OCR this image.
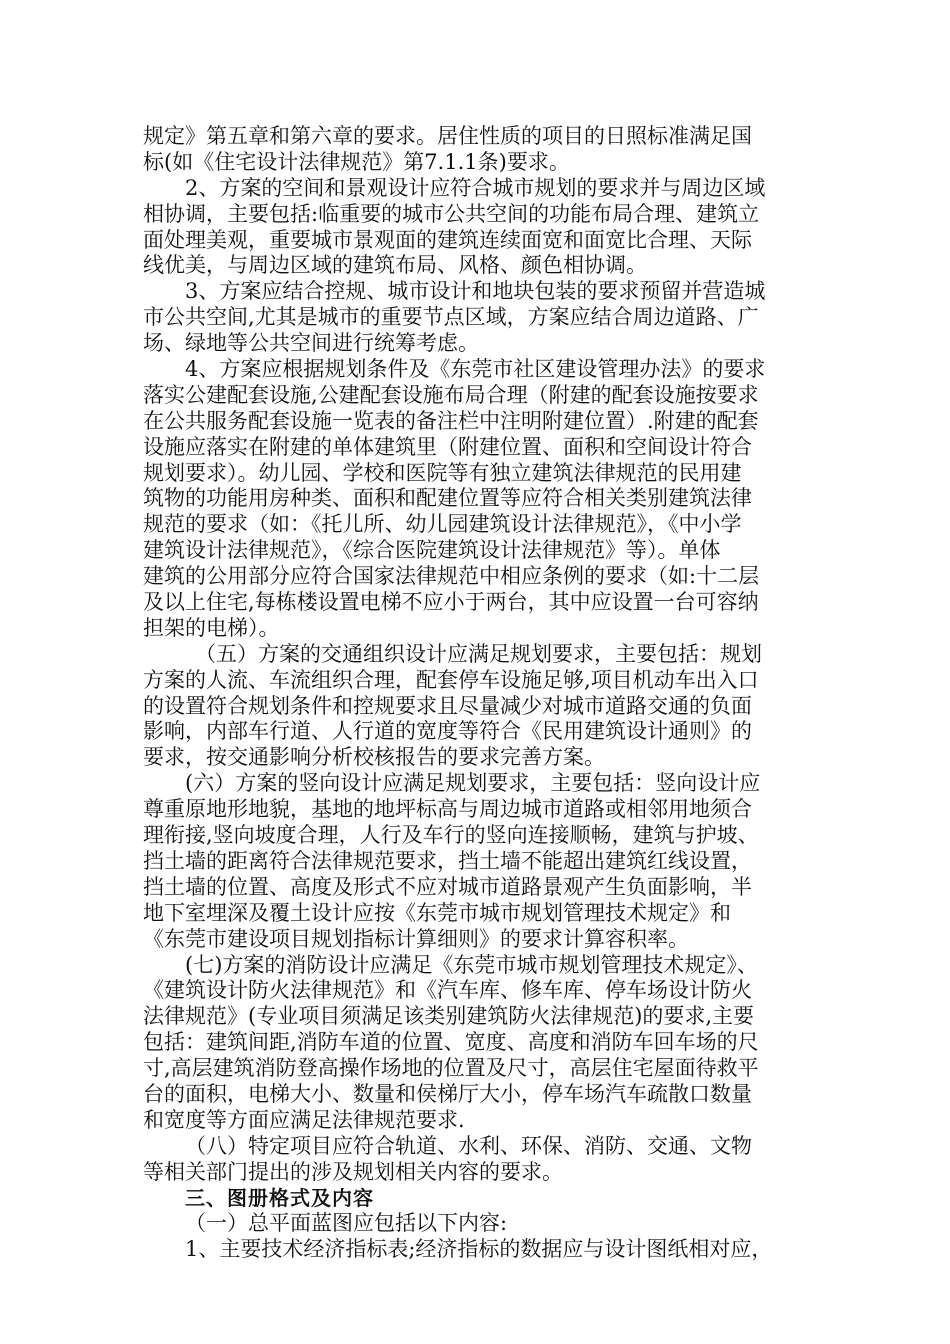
规定》第五章和第六章的要求。居住性质的项目的日照标准满足国
标(如《住宅设计法律规范》第7.1.1条)要求。
2、方案的空间和景观设计应符合城市规划的要求并与周边区域
相协调，主要包括:临重要的城市公共空间的功能布局合理、建筑立
面处理美观，重要城市景观面的建筑连续面宽和面宽比合理、天际
线优美，与周边区域的建筑布局、风格、颜色相协调。
3、方案应结合控规、城市设计和地块包装的要求预留并营造城
市公共空间,尤其是城市的重要节点区域，方案应结合周边道路、广
场、绿地等公共空间进行统筹考虑。
4、方案应根据规划条件及《东莞市社区建设管理办法》的要求
落实公建配套设施,公建配套设施布局合理（附建的配套设施按要求
在公共服务配套设施一览表的备注栏中注明附建位置）.附建的配套
设施应落实在附建的单体建筑里（附建位置、面积和空间设计符合
规划要求）。幼儿园、学校和医院等有独立建筑法律规范的民用建
筑物的功能用房种类、面积和配建位置等应符合相关类别建筑法律
规范的要求（如：《托儿所、幼儿园建筑设计法律规范》，《中小学
建筑设计法律规范》，《综合医院建筑设计法律规范》等）。单体
建筑的公用部分应符合国家法律规范中相应条例的要求（如:十二层
及以上住宅,每栋楼设置电梯不应小于两台，其中应设置一台可容纳
担架的电梯）。
（五）方案的交通组织设计应满足规划要求，主要包括：规划
方案的人流、车流组织合理，配套停车设施足够,项目机动车出入口
的设置符合规划条件和控规要求且尽量减少对城市道路交通的负面
影响，内部车行道、人行道的宽度等符合《民用建筑设计通则》的
要求，按交通影响分析校核报告的要求完善方案。
(六）方案的竖向设计应满足规划要求，主要包括：竖向设计应
尊重原地形地貌，基地的地坪标高与周边城市道路或相邻用地须合
理衔接,竖向坡度合理，人行及车行的竖向连接顺畅，建筑与护坡、
挡土墙的距离符合法律规范要求，挡土墙不能超出建筑红线设置，
挡土墙的位置、高度及形式不应对城市道路景观产生负面影响，半
地下室埋深及覆土设计应按《东莞市城市规划管理技术规定》和
《东莞市建设项目规划指标计算细则》的要求计算容积率。
(七)方案的消防设计应满足《东莞市城市规划管理技术规定》、
《建筑设计防火法律规范》和《汽车库、修车库、停车场设计防火
法律规范》(专业项目须满足该类别建筑防火法律规范)的要求,主要
包括：建筑间距,消防车道的位置、宽度、高度和消防车回车场的尺
寸,高层建筑消防登高操作场地的位置及尺寸，高层住宅屋面待救平
台的面积，电梯大小、数量和侯梯厅大小，停车场汽车疏散口数量
和宽度等方面应满足法律规范要求.
（八）特定项目应符合轨道、水利、环保、消防、交通、文物
等相关部门提出的涉及规划相关内容的要求。
三、图册格式及内容
（一）总平面蓝图应包括以下内容:
1、主要技术经济指标表;经济指标的数据应与设计图纸相对应，
